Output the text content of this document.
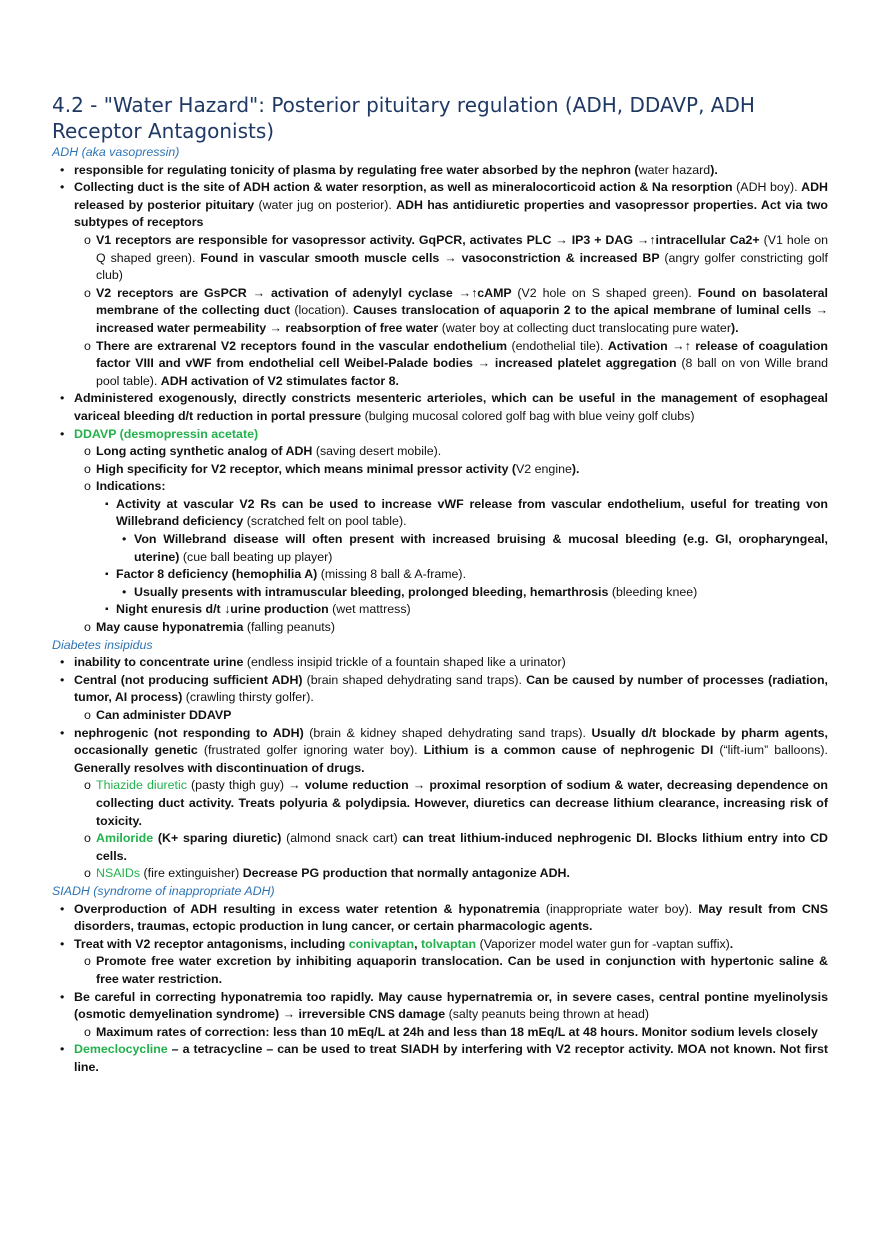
4.2 - "Water Hazard": Posterior pituitary regulation (ADH, DDAVP, ADH Receptor Antagonists)
ADH (aka vasopressin)
• responsible for regulating tonicity of plasma by regulating free water absorbed by the nephron (water hazard).
• Collecting duct is the site of ADH action & water resorption, as well as mineralocorticoid action & Na resorption (ADH boy). ADH released by posterior pituitary (water jug on posterior). ADH has antidiuretic properties and vasopressor properties. Act via two subtypes of receptors
o V1 receptors are responsible for vasopressor activity. GqPCR, activates PLC → IP3 + DAG →↑intracellular Ca2+ (V1 hole on Q shaped green). Found in vascular smooth muscle cells → vasoconstriction & increased BP (angry golfer constricting golf club)
o V2 receptors are GsPCR → activation of adenylyl cyclase →↑cAMP (V2 hole on S shaped green). Found on basolateral membrane of the collecting duct (location). Causes translocation of aquaporin 2 to the apical membrane of luminal cells → increased water permeability → reabsorption of free water (water boy at collecting duct translocating pure water).
o There are extrarenal V2 receptors found in the vascular endothelium (endothelial tile). Activation →↑ release of coagulation factor VIII and vWF from endothelial cell Weibel-Palade bodies → increased platelet aggregation (8 ball on von Wille brand pool table). ADH activation of V2 stimulates factor 8.
• Administered exogenously, directly constricts mesenteric arterioles, which can be useful in the management of esophageal variceal bleeding d/t reduction in portal pressure (bulging mucosal colored golf bag with blue veiny golf clubs)
• DDAVP (desmopressin acetate)
o Long acting synthetic analog of ADH (saving desert mobile).
o High specificity for V2 receptor, which means minimal pressor activity (V2 engine).
o Indications:
▪ Activity at vascular V2 Rs can be used to increase vWF release from vascular endothelium, useful for treating von Willebrand deficiency (scratched felt on pool table).
• Von Willebrand disease will often present with increased bruising & mucosal bleeding (e.g. GI, oropharyngeal, uterine) (cue ball beating up player)
▪ Factor 8 deficiency (hemophilia A) (missing 8 ball & A-frame).
• Usually presents with intramuscular bleeding, prolonged bleeding, hemarthrosis (bleeding knee)
▪ Night enuresis d/t ↓urine production (wet mattress)
o May cause hyponatremia (falling peanuts)
Diabetes insipidus
• inability to concentrate urine (endless insipid trickle of a fountain shaped like a urinator)
• Central (not producing sufficient ADH) (brain shaped dehydrating sand traps). Can be caused by number of processes (radiation, tumor, AI process) (crawling thirsty golfer).
o Can administer DDAVP
• nephrogenic (not responding to ADH) (brain & kidney shaped dehydrating sand traps). Usually d/t blockade by pharm agents, occasionally genetic (frustrated golfer ignoring water boy). Lithium is a common cause of nephrogenic DI (“lift-ium” balloons). Generally resolves with discontinuation of drugs.
o Thiazide diuretic (pasty thigh guy) → volume reduction → proximal resorption of sodium & water, decreasing dependence on collecting duct activity. Treats polyuria & polydipsia. However, diuretics can decrease lithium clearance, increasing risk of toxicity.
o Amiloride (K+ sparing diuretic) (almond snack cart) can treat lithium-induced nephrogenic DI. Blocks lithium entry into CD cells.
o NSAIDs (fire extinguisher) Decrease PG production that normally antagonize ADH.
SIADH (syndrome of inappropriate ADH)
• Overproduction of ADH resulting in excess water retention & hyponatremia (inappropriate water boy). May result from CNS disorders, traumas, ectopic production in lung cancer, or certain pharmacologic agents.
• Treat with V2 receptor antagonisms, including conivaptan, tolvaptan (Vaporizer model water gun for -vaptan suffix).
o Promote free water excretion by inhibiting aquaporin translocation. Can be used in conjunction with hypertonic saline & free water restriction.
• Be careful in correcting hyponatremia too rapidly. May cause hypernatremia or, in severe cases, central pontine myelinolysis (osmotic demyelination syndrome) → irreversible CNS damage (salty peanuts being thrown at head)
o Maximum rates of correction: less than 10 mEq/L at 24h and less than 18 mEq/L at 48 hours. Monitor sodium levels closely
• Demeclocycline – a tetracycline – can be used to treat SIADH by interfering with V2 receptor activity. MOA not known. Not first line.
